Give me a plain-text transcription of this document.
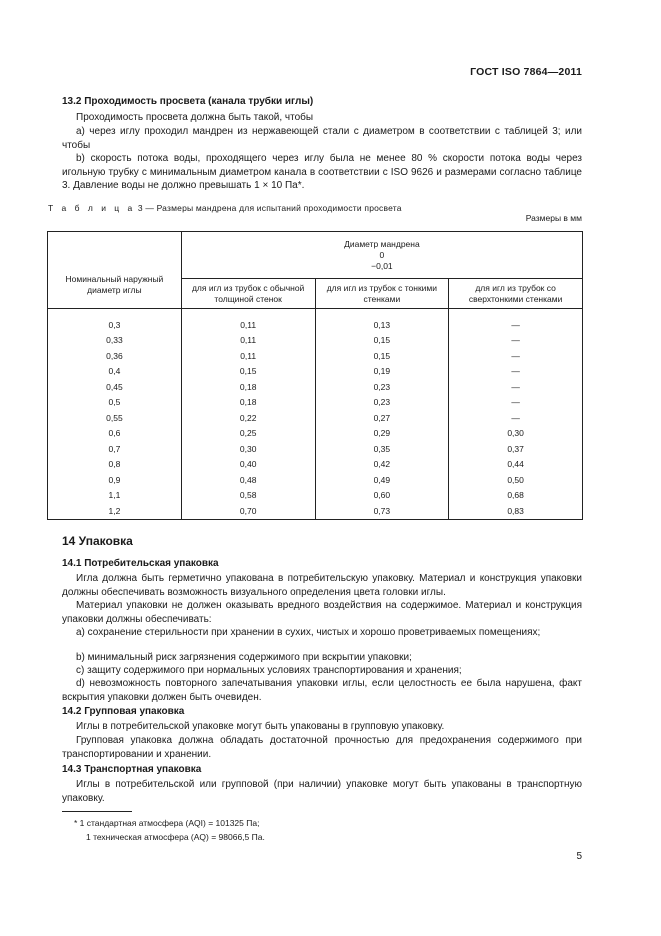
ГОСТ ISO 7864—2011
13.2 Проходимость просвета (канала трубки иглы)
Проходимость просвета должна быть такой, чтобы
a) через иглу проходил мандрен из нержавеющей стали с диаметром в соответствии с таблицей 3; или чтобы
b) скорость потока воды, проходящего через иглу была не менее 80 % скорости потока воды через игольную трубку с минимальным диаметром канала в соответствии с ISO 9626 и размерами согласно таблице 3. Давление воды не должно превышать 1 × 10 Па*.
Т а б л и ц а 3 — Размеры мандрена для испытаний проходимости просвета
Размеры в мм
Номинальный наружный диаметр иглы	Диаметр мандрена
0
−0,01		

	для игл из трубок с обычной толщиной стенок	для игл из трубок с тонкими стенками	для игл из трубок со сверхтонкими стенками

0,3	0,11	0,13	—
0,33	0,11	0,15	—
0,36	0,11	0,15	—
0,4	0,15	0,19	—
0,45	0,18	0,23	—
0,5	0,18	0,23	—
0,55	0,22	0,27	—
0,6	0,25	0,29	0,30
0,7	0,30	0,35	0,37
0,8	0,40	0,42	0,44
0,9	0,48	0,49	0,50
1,1	0,58	0,60	0,68
1,2	0,70	0,73	0,83
14 Упаковка
14.1 Потребительская упаковка
Игла должна быть герметично упакована в потребительскую упаковку. Материал и конструкция упаковки должны обеспечивать возможность визуального определения цвета головки иглы.
Материал упаковки не должен оказывать вредного воздействия на содержимое. Материал и конструкция упаковки должны обеспечивать:
a) сохранение стерильности при хранении в сухих, чистых и хорошо проветриваемых помещениях;
b) минимальный риск загрязнения содержимого при вскрытии упаковки;
c) защиту содержимого при нормальных условиях транспортирования и хранения;
d) невозможность повторного запечатывания упаковки иглы, если целостность ее была нарушена, факт вскрытия упаковки должен быть очевиден.
14.2 Групповая упаковка
Иглы в потребительской упаковке могут быть упакованы в групповую упаковку.
Групповая упаковка должна обладать достаточной прочностью для предохранения содержимого при транспортировании и хранении.
14.3 Транспортная упаковка
Иглы в потребительской или групповой (при наличии) упаковке могут быть упакованы в транспортную упаковку.
* 1 стандартная атмосфера (AQI) = 101325 Па;
1 техническая атмосфера (AQ) = 98066,5 Па.
5
